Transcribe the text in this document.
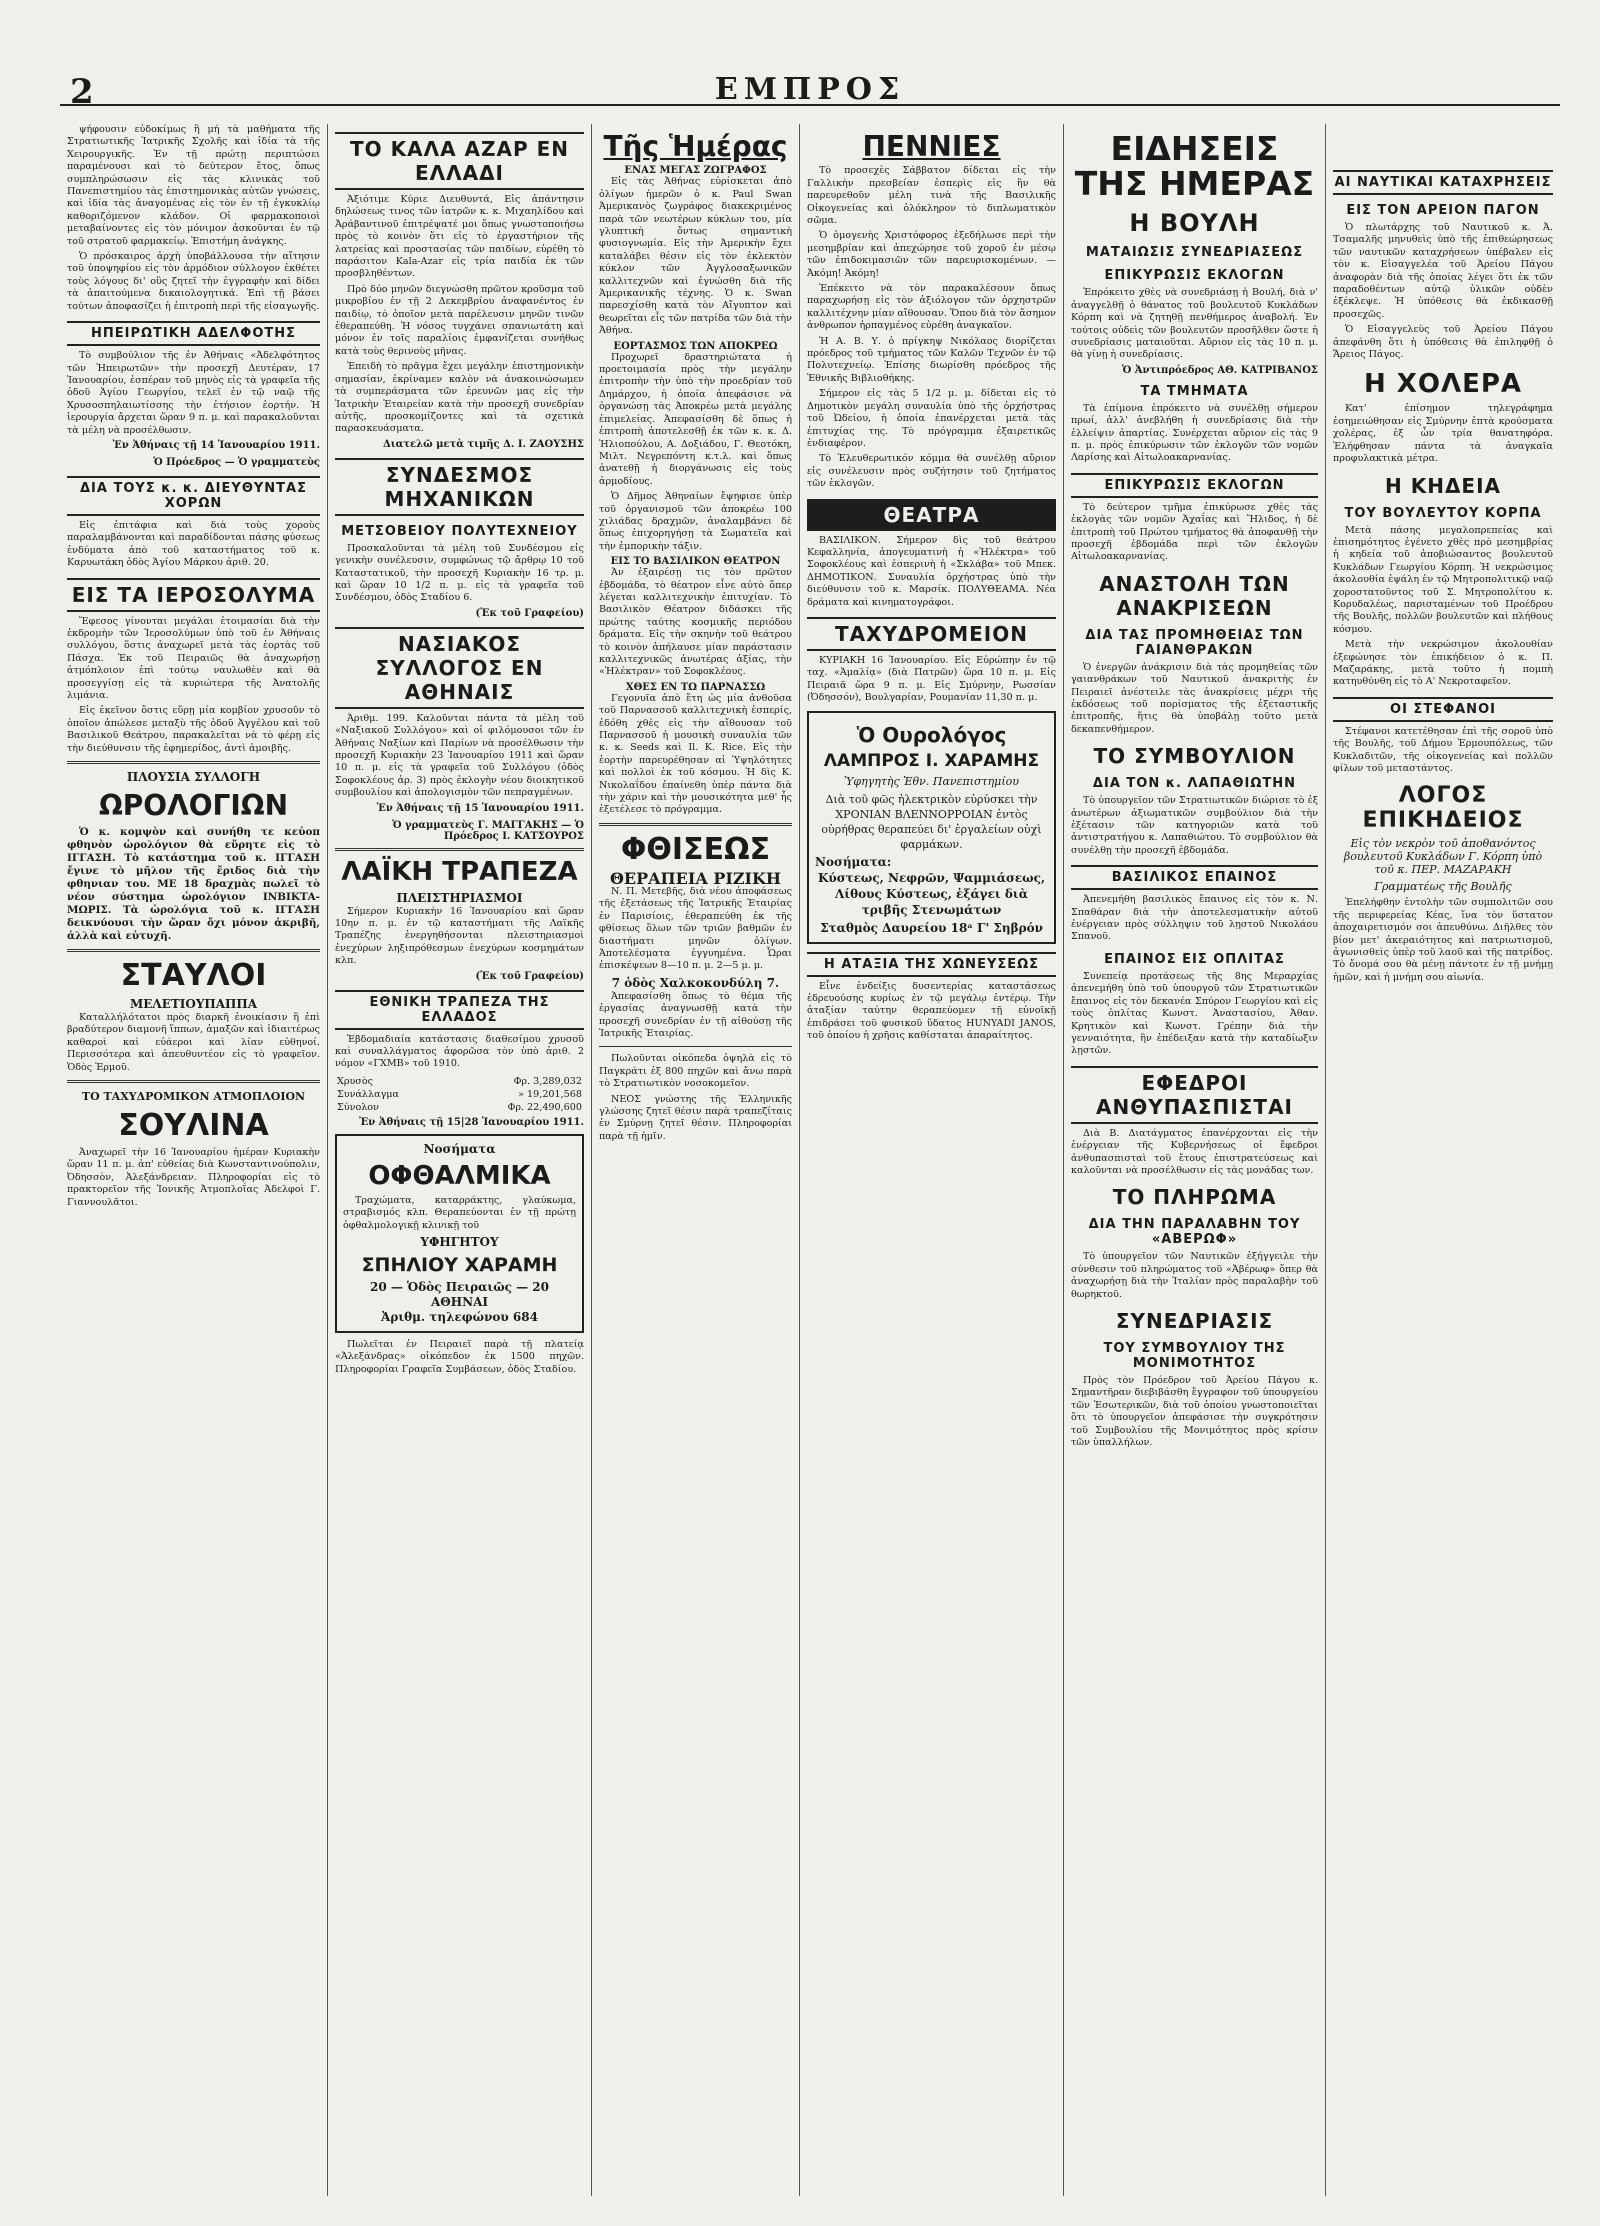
2	ΕΜΠΡΟΣ

ψήφουσιν εὐδοκίμως ἢ μή τὰ μαθήματα τῆς Στρατιωτικῆς Ἰατρικῆς Σχολῆς καὶ ἰδία τὰ τῆς Χειρουργικῆς. Ἐν τῇ πρώτῃ περιπτώσει παραμένουσι καὶ τὸ δεύτερον ἔτος, ὅπως συμπληρώσωσιν εἰς τὰς κλινικὰς τοῦ Πανεπιστημίου τὰς ἐπιστημονικὰς αὐτῶν γνώσεις, καὶ ἰδία τὰς ἀναγομένας εἰς τὸν ἐν τῇ ἐγκυκλίῳ καθοριζόμενον κλάδον. Οἱ φαρμακοποιοὶ μεταβαίνοντες εἰς τὸν μόνιμον ἀσκοῦνται ἐν τῷ τοῦ στρατοῦ φαρμακείῳ. Ἐπιστήμη ἀνάγκης.

Ὁ πρόσκαιρος ἀρχὴ ὑποβάλλουσα τὴν αἴτησιν τοῦ ὑποψηφίου εἰς τὸν ἀρμόδιον σύλλογον ἐκθέτει τοὺς λόγους δι' οὓς ζητεῖ τὴν ἐγγραφὴν καὶ δίδει τὰ ἀπαιτούμενα δικαιολογητικά. Ἐπὶ τῇ βάσει τούτων ἀποφασίζει ἡ ἐπιτροπὴ περὶ τῆς εἰσαγωγῆς.

ΗΠΕΙΡΩΤΙΚΗ ΑΔΕΛΦΟΤΗΣ

Τὸ συμβούλιον τῆς ἐν Ἀθήναις «Ἀδελφότητος τῶν Ἠπειρωτῶν» τὴν προσεχῆ Δευτέραν, 17 Ἰανουαρίου, ἑσπέραν τοῦ μηνὸς εἰς τὰ γραφεῖα τῆς ὁδοῦ Ἀγίου Γεωργίου, τελεῖ ἐν τῷ ναῷ τῆς Χρυσοσπηλαιωτίσσης τὴν ἐτήσιον ἑορτήν. Ἡ ἱερουργία ἄρχεται ὥραν 9 π. μ. καὶ παρακαλοῦνται τὰ μέλη νὰ προσέλθωσιν.

Ἐν Ἀθήναις τῇ 14 Ἰανουαρίου 1911.
Ὁ Πρόεδρος — Ὁ γραμματεὺς
ΔΙΑ ΤΟΥΣ κ. κ. ΔΙΕΥΘΥΝΤΑΣ ΧΟΡΩΝ

Εἰς ἐπιτάφια καὶ διὰ τοὺς χοροὺς παραλαμβάνονται καὶ παραδίδονται πάσης φύσεως ἐνδύματα ἀπὸ τοῦ καταστήματος τοῦ κ. Καρυωτάκη ὁδὸς Ἁγίου Μάρκου ἀριθ. 20.

ΕΙΣ ΤΑ ΙΕΡΟΣΟΛΥΜΑ

Ἔφεσος γίνονται μεγάλαι ἑτοιμασίαι διὰ τὴν ἐκδρομὴν τῶν Ἱεροσολύμων ὑπὸ τοῦ ἐν Ἀθήναις συλλόγου, ὅστις ἀναχωρεῖ μετὰ τὰς ἑορτὰς τοῦ Πάσχα. Ἐκ τοῦ Πειραιῶς θὰ ἀναχωρήσῃ ἀτμόπλοιον ἐπὶ τούτῳ ναυλωθὲν καὶ θὰ προσεγγίσῃ εἰς τὰ κυριώτερα τῆς Ἀνατολῆς λιμάνια.

Εἰς ἐκεῖνον ὅστις εὕρῃ μία κομβίον χρυσοῦν τὸ ὁποῖον ἀπώλεσε μεταξὺ τῆς ὁδοῦ Ἀγγέλου καὶ τοῦ Βασιλικοῦ Θεάτρου, παρακαλεῖται νὰ τὸ φέρῃ εἰς τὴν διεύθυνσιν τῆς ἐφημερίδος, ἀντὶ ἀμοιβῆς.

ΠΛΟΥΣΙΑ ΣΥΛΛΟΓΗ
ΩΡΟΛΟΓΙΩΝ

Ὁ κ. κομψὸν καὶ συνήθη τε κεὐοπ φθηνὸν ὡρολόγιον θὰ εὕρητε εἰς τὸ ΙΓΓΑΣΗ. Τὸ κατάστημα τοῦ κ. ΙΓΓΑΣΗ ἔγινε τὸ μῆλον τῆς ἔριδος διὰ τὴν φθηνιαν του. ΜΕ 18 δραχμὰς πωλεῖ τὸ νέον σύστημα ὡρολόγιον ΙΝΒΙΚΤΑ-ΜΩΡΙΣ. Τὰ ὡρολόγια τοῦ κ. ΙΓΓΑΣΗ δεικνύουσι τὴν ὥραν ὄχι μόνον ἀκριβῆ, ἀλλὰ καὶ εὐτυχῆ.

ΣΤΑΥΛΟΙ
ΜΕΛΕΤΙΟΥΠΑΠΠΑ

Καταλλήλότατοι πρὸς διαρκῆ ἐνοικίασιν ἢ ἐπὶ βραδύτερον διαμονῆ ἵππων, ἁμαξῶν καὶ ἰδιαιτέρως καθαροὶ καὶ εὐάεροι καὶ λίαν εὐθηνοί. Περισσότερα καὶ ἀπευθυντέον εἰς τὸ γραφεῖον. Ὁδὸς Ἑρμοῦ.

ΤΟ ΤΑΧΥΔΡΟΜΙΚΟΝ ΑΤΜΟΠΛΟΙΟΝ
ΣΟΥΛΙΝΑ

Ἀναχωρεῖ τὴν 16 Ἰανουαρίου ἡμέραν Κυριακὴν ὥραν 11 π. μ. ἀπ' εὐθείας διὰ Κωνσταντινούπολιν, Ὀδησσὸν, Ἀλεξάνδρειαν. Πληροφορίαι εἰς τὸ πρακτορεῖον τῆς Ἰονικῆς Ἀτμοπλοΐας Ἀδελφοὶ Γ. Γιαννουλᾶτοι.

ΤΟ ΚΑΛΑ ΑΖΑΡ ΕΝ ΕΛΛΑΔΙ

Ἀξιότιμε Κύριε Διευθυντά, Εἰς ἀπάντησιν δηλώσεως τινος τῶν ἰατρῶν κ. κ. Μιχαηλίδου καὶ Ἀράβαντινοῦ ἐπιτρέψατέ μοι ὅπως γνωστοποιήσω πρὸς τὸ κοινὸν ὅτι εἰς τὸ ἐργαστήριον τῆς λατρείας καὶ προστασίας τῶν παιδίων, εὑρέθη τὸ παράσιτον Kala-Azar εἰς τρία παιδία ἐκ τῶν προσβληθέντων.

Πρὸ δύο μηνῶν διεγνώσθη πρῶτον κροῦσμα τοῦ μικροβίου ἐν τῇ 2 Δεκεμβρίου ἀναφανέντος ἐν παιδίῳ, τὸ ὁποῖον μετὰ παρέλευσιν μηνῶν τινῶν ἐθεραπεύθη. Ἡ νόσος τυγχάνει σπανιωτάτη καὶ μόνον ἐν τοῖς παραλίοις ἐμφανίζεται συνήθως κατὰ τοὺς θερινοὺς μῆνας.

Ἐπειδὴ τὸ πρᾶγμα ἔχει μεγάλην ἐπιστημονικὴν σημασίαν, ἐκρίναμεν καλὸν νὰ ἀνακοινώσωμεν τὰ συμπεράσματα τῶν ἐρευνῶν μας εἰς τὴν Ἰατρικὴν Ἑταιρείαν κατὰ τὴν προσεχῆ συνεδρίαν αὐτῆς, προσκομίζοντες καὶ τὰ σχετικὰ παρασκευάσματα.

Διατελῶ μετὰ τιμῆς Δ. Ι. ΖΑΟΥΣΗΣ
ΣΥΝΔΕΣΜΟΣ ΜΗΧΑΝΙΚΩΝ
ΜΕΤΣΟΒΕΙΟΥ ΠΟΛΥΤΕΧΝΕΙΟΥ

Προσκαλοῦνται τὰ μέλη τοῦ Συνδέσμου εἰς γενικὴν συνέλευσιν, συμφώνως τῷ ἄρθρῳ 10 τοῦ Καταστατικοῦ, τὴν προσεχῆ Κυριακὴν 16 τρ. μ. καὶ ὥραν 10 1/2 π. μ. εἰς τὰ γραφεῖα τοῦ Συνδέσμου, ὁδὸς Σταδίου 6.

(Ἐκ τοῦ Γραφείου)
ΝΑΣΙΑΚΟΣ ΣΥΛΛΟΓΟΣ ΕΝ ΑΘΗΝΑΙΣ

Ἀριθμ. 199. Καλοῦνται πάντα τὰ μέλη τοῦ «Ναξιακοῦ Συλλόγου» καὶ οἱ φιλόμουσοι τῶν ἐν Ἀθήναις Ναξίων καὶ Παρίων νὰ προσέλθωσιν τὴν προσεχῆ Κυριακὴν 23 Ἰανουαρίου 1911 καὶ ὥραν 10 π. μ. εἰς τὰ γραφεῖα τοῦ Συλλόγου (ὁδὸς Σοφοκλέους ἀρ. 3) πρὸς ἐκλογὴν νέου διοικητικοῦ συμβουλίου καὶ ἀπολογισμὸν τῶν πεπραγμένων.

Ἐν Ἀθήναις τῇ 15 Ἰανουαρίου 1911.
Ὁ γραμματεὺς Γ. ΜΑΓΓΑΚΗΣ — Ὁ Πρόεδρος Ι. ΚΑΤΣΟΥΡΟΣ
ΛΑΪΚΗ ΤΡΑΠΕΖΑ
ΠΛΕΙΣΤΗΡΙΑΣΜΟΙ

Σήμερον Κυριακὴν 16 Ἰανουαρίου καὶ ὥραν 10ην π. μ. ἐν τῷ καταστήματι τῆς Λαϊκῆς Τραπέζης ἐνεργηθήσονται πλειστηριασμοὶ ἐνεχύρων ληξιπρόθεσμων ἐνεχύρων κοσμημάτων κλπ.

(Ἐκ τοῦ Γραφείου)
ΕΘΝΙΚΗ ΤΡΑΠΕΖΑ ΤΗΣ ΕΛΛΑΔΟΣ

Ἑβδομαδιαία κατάστασις διαθεσίμου χρυσοῦ καὶ συναλλάγματος ἀφορῶσα τὸν ὑπὸ ἀριθ. 2 νόμον «ΓΧΜΒ» τοῦ 1910.

Χρυσὸς	Φρ. 3,289,032
Συνάλλαγμα	» 19,201,568
Σύνολον	Φρ. 22,490,600
Ἐν Ἀθήναις τῇ 15|28 Ἰανουαρίου 1911.
Νοσήματα
ΟΦΘΑΛΜΙΚΑ

Τραχώματα, καταρράκτης, γλαύκωμα, στραβισμός κλπ. Θεραπεύονται ἐν τῇ πρώτῃ ὀφθαλμολογικῇ κλινικῇ τοῦ

ΥΦΗΓΗΤΟΥ
ΣΠΗΛΙΟΥ ΧΑΡΑΜΗ
20 — Ὁδὸς Πειραιῶς — 20
ΑΘΗΝΑΙ
Ἀριθμ. τηλεφώνου 684

Πωλεῖται ἐν Πειραιεῖ παρὰ τῇ πλατείᾳ «Ἀλεξάνδρας» οἰκόπεδον ἐκ 1500 πηχῶν. Πληροφορίαι Γραφεῖα Συμβάσεων, ὁδὸς Σταδίου.

Τῆς Ἡμέρας
ΕΝΑΣ ΜΕΓΑΣ ΖΩΓΡΑΦΟΣ

Εἰς τὰς Ἀθήνας εὑρίσκεται ἀπὸ ὀλίγων ἡμερῶν ὁ κ. Paul Swan Ἀμερικανὸς ζωγράφος διακεκριμένος παρὰ τῶν νεωτέρων κύκλων του, μία γλυπτικὴ ὄντως σημαντικὴ φυσιογνωμία. Εἰς τὴν Ἀμερικὴν ἔχει καταλάβει θέσιν εἰς τὸν ἐκλεκτὸν κύκλον τῶν Ἀγγλοσαξωνικῶν καλλιτεχνῶν καὶ ἐγνώσθη διὰ τῆς Ἀμερικανικῆς τέχνης. Ὁ κ. Swan παρεσχίσθη κατὰ τὸν Αἴγυπτον καὶ θεωρεῖται εἷς τῶν πατρίδα τῶν διὰ τὴν Ἀθήνα.

ΕΟΡΤΑΣΜΟΣ ΤΩΝ ΑΠΟΚΡΕΩ

Προχωρεῖ δραστηριώτατα ἡ προετοιμασία πρὸς τὴν μεγάλην ἐπιτροπὴν τὴν ὑπὸ τὴν προεδρίαν τοῦ Δημάρχου, ἡ ὁποία ἀπεφάσισε νὰ ὀργανώσῃ τὰς Ἀποκρέω μετὰ μεγάλης ἐπιμελείας. Ἀπεφασίσθη δὲ ὅπως ἡ ἐπιτροπὴ ἀποτελεσθῇ ἐκ τῶν κ. κ. Δ. Ἠλιοπούλου, Α. Δοξιάδου, Γ. Θεοτόκη, Μιλτ. Νεγρεπόντη κ.τ.λ. καὶ ὅπως ἀνατεθῇ ἡ διοργάνωσις εἰς τοὺς ἁρμοδίους.

Ὁ Δῆμος Ἀθηναίων ἔψηφισε ὑπὲρ τοῦ ὀργανισμοῦ τῶν ἀποκρέω 100 χιλιάδας δραχμῶν, ἀναλαμβάνει δὲ ὅπως ἐπιχορηγήσῃ τὰ Σωματεῖα καὶ τὴν ἐμπορικὴν τάξιν.

ΕΙΣ ΤΟ ΒΑΣΙΛΙΚΟΝ ΘΕΑΤΡΟΝ

Ἀν ἐξαιρέσῃ τις τὸν πρῶτον ἐβδομάδα, τὸ θέατρον εἶνε αὐτὸ ὅπερ λέγεται καλλιτεχνικὴν ἐπιτυχίαν. Τὸ Βασιλικὸν Θέατρον διδάσκει τῆς πρώτης ταύτης κοσμικῆς περιόδου δράματα. Εἰς τὴν σκηνὴν τοῦ θεάτρου τὸ κοινὸν ἀπήλαυσε μίαν παράστασιν καλλιτεχνικῶς ἀνωτέρας ἀξίας, τὴν «Ἡλέκτραν» τοῦ Σοφοκλέους.

ΧΘΕΣ ΕΝ ΤΩ ΠΑΡΝΑΣΣΩ

Γεγονυῖα ἀπὸ ἔτη ὡς μία ἀνθοῦσα τοῦ Παρνασσοῦ καλλιτεχνικὴ ἑσπερίς, ἐδόθη χθὲς εἰς τὴν αἴθουσαν τοῦ Παρνασσοῦ ἡ μουσικὴ συναυλία τῶν κ. κ. Seeds καὶ Il. K. Rice. Εἰς τὴν ἑορτὴν παρευρέθησαν αἱ Ὑψηλότητες καὶ πολλοὶ ἐκ τοῦ κόσμου. Ἡ δὶς Κ. Νικολαΐδου ἐπαίνεθη ὑπὲρ πάντα διὰ τὴν χάριν καὶ τὴν μουσικότητα μεθ' ἧς ἐξετέλεσε τὸ πρόγραμμα.

ΦΘΙΣΕΩΣ
ΘΕΡΑΠΕΙΑ ΡΙΖΙΚΗ

Ν. Π. Μετεβῆς, διὰ νέου ἀποφάσεως τῆς ἐξετάσεως τῆς Ἰατρικῆς Ἑταιρίας ἐν Παρισίοις, ἐθεραπεύθη ἐκ τῆς φθίσεως ὅλων τῶν τριῶν βαθμῶν ἐν διαστήματι μηνῶν ὀλίγων. Ἀποτελέσματα ἐγγυημένα. Ὧραι ἐπισκέψεων 8—10 π. μ. 2—5 μ. μ.

7 ὁδὸς Χαλκοκονδύλη 7.

Ἀπεφασίσθη ὅπως τὸ θέμα τῆς ἐργασίας ἀναγνωσθῇ κατὰ τὴν προσεχῆ συνεδρίαν ἐν τῇ αἰθούσῃ τῆς Ἰατρικῆς Ἑταιρίας.

Πωλοῦνται οἰκόπεδα ὀψηλὰ εἰς τὸ Παγκράτι ἐξ 800 πηχῶν καὶ ἄνω παρὰ τὸ Στρατιωτικὸν νοσοκομεῖον.

ΝΕΟΣ γνώστης τῆς Ἑλληνικῆς γλώσσης ζητεῖ θέσιν παρὰ τραπεζίταις ἐν Σμύρνῃ ζητεῖ θέσιν. Πληροφορίαι παρὰ τῇ ἡμῖν.

ΠΕΝΝΙΕΣ

Τὸ προσεχὲς Σάββατον δίδεται εἰς τὴν Γαλλικὴν πρεσβείαν ἑσπερὶς εἰς ἣν θὰ παρευρεθοῦν μέλη τινὰ τῆς Βασιλικῆς Οἰκογενείας καὶ ὁλόκληρον τὸ διπλωματικὸν σῶμα.

Ὁ ὁμογενὴς Χριστόφορος ἐξεδήλωσε περὶ τὴν μεσημβρίαν καὶ ἀπεχώρησε τοῦ χοροῦ ἐν μέσῳ τῶν ἐπιδοκιμασιῶν τῶν παρευρισκομένων. — Ἀκόμη! Ἀκόμη!

Ἐπέκειτο νὰ τὸν παρακαλέσουν ὅπως παραχωρήσῃ εἰς τὸν ἀξιόλογον τῶν ὀρχηστρῶν καλλιτέχνην μίαν αἴθουσαν. Ὅπου διὰ τὸν ἄσημον ἀνθρωπον ἠρπαγμένος εὐρέθη ἀναγκαῖον.

Ἡ Α. Β. Υ. ὁ πρίγκηψ Νικόλαος διορίζεται πρόεδρος τοῦ τμήματος τῶν Καλῶν Τεχνῶν ἐν τῷ Πολυτεχνείῳ. Ἐπίσης διωρίσθη πρόεδρος τῆς Ἐθνικῆς Βιβλιοθήκης.

Σήμερον εἰς τὰς 5 1/2 μ. μ. δίδεται εἰς τὸ Δημοτικὸν μεγάλη συναυλία ὑπὸ τῆς ὀρχήστρας τοῦ Ὠδείου, ἡ ὁποία ἐπανέρχεται μετὰ τὰς ἐπιτυχίας της. Τὸ πρόγραμμα ἐξαιρετικῶς ἐνδιαφέρον.

Τὸ Ἐλευθερωτικόν κόμμα θὰ συνέλθῃ αὔριον εἰς συνέλευσιν πρὸς συζήτησιν τοῦ ζητήματος τῶν ἐκλογῶν.

ΘΕΑΤΡΑ

ΒΑΣΙΛΙΚΟΝ. Σήμερον δὶς τοῦ θεάτρου Κεφαλληνία, ἀπογευματινὴ ἡ «Ἡλέκτρα» τοῦ Σοφοκλέους καὶ ἑσπερινὴ ἡ «Σκλάβα» τοῦ Μπεκ. ΔΗΜΟΤΙΚΟΝ. Συναυλία ὀρχήστρας ὑπὸ τὴν διεύθυνσιν τοῦ κ. Μαρσίκ. ΠΟΛΥΘΕΑΜΑ. Νέα δράματα καὶ κινηματογράφοι.

ΤΑΧΥΔΡΟΜΕΙΟΝ

ΚΥΡΙΑΚΗ 16 Ἰανουαρίου. Εἰς Εὐρώπην ἐν τῷ ταχ. «Ἀμαλίᾳ» (διὰ Πατρῶν) ὥρα 10 π. μ. Εἰς Πειραιᾶ ὥρα 9 π. μ. Εἰς Σμύρνην, Ρωσσίαν (Ὀδησσόν), Βουλγαρίαν, Ρουμανίαν 11,30 π. μ.

Ὁ Ουρολόγος
ΛΑΜΠΡΟΣ Ι. ΧΑΡΑΜΗΣ
Ὑφηγητὴς Ἐθν. Πανεπιστημίου

Διὰ τοῦ φῶς ἠλεκτρικὸν εὐρύσκει τὴν ΧΡΟΝΙΑΝ ΒΛΕΝΝΟΡΡΟΙΑΝ ἐντὸς οὐρήθρας θεραπεύει δι' ἐργαλείων οὐχὶ φαρμάκων.

Νοσήματα:

Κύστεως, Νεφρῶν, Ψαμμιάσεως, Λίθους Κύστεως, ἐξάγει διὰ τριβῆς Στενωμάτων

Σταθμὸς Δαυρείου 18ᵃ Γ' Σηβρόν
Η ΑΤΑΞΙΑ ΤΗΣ ΧΩΝΕΥΣΕΩΣ

Εἶνε ἐνδείξις δυσεντερίας καταστάσεως ἐδρευούσης κυρίως ἐν τῷ μεγάλῳ ἐντέρῳ. Τὴν ἀταξίαν ταύτην θεραπεύομεν τῇ εὐνοϊκῇ ἐπιδράσει τοῦ φυσικοῦ ὕδατος HUNYADI JANOS, τοῦ ὁποίου ἡ χρῆσις καθίσταται ἀπαραίτητος.

ΕΙΔΗΣΕΙΣ ΤΗΣ ΗΜΕΡΑΣ
Η ΒΟΥΛΗ
ΜΑΤΑΙΩΣΙΣ ΣΥΝΕΔΡΙΑΣΕΩΣ
ΕΠΙΚΥΡΩΣΙΣ ΕΚΛΟΓΩΝ

Ἐπρόκειτο χθὲς νὰ συνεδριάσῃ ἡ Βουλή, διὰ ν' ἀναγγελθῇ ὁ θάνατος τοῦ βουλευτοῦ Κυκλάδων Κόρπη καὶ νὰ ζητηθῇ πενθήμερος ἀναβολή. Ἐν τούτοις οὐδεὶς τῶν βουλευτῶν προσῆλθεν ὥστε ἡ συνεδρίασις ματαιοῦται. Αὔριον εἰς τὰς 10 π. μ. θὰ γίνῃ ἡ συνεδρίασις.

Ὁ Ἀντιπρόεδρος ΑΘ. ΚΑΤΡΙΒΑΝΟΣ
ΤΑ ΤΜΗΜΑΤΑ

Τὰ ἐπίμονα ἐπρόκειτο νὰ συνέλθῃ σήμερον πρωί, ἀλλ' ἀνεβλήθη ἡ συνεδρίασις διὰ τὴν ἐλλείψιν ἀπαρτίας. Συνέρχεται αὔριον εἰς τὰς 9 π. μ. πρὸς ἐπικύρωσιν τῶν ἐκλογῶν τῶν νομῶν Λαρίσης καὶ Αἰτωλοακαρνανίας.

ΕΠΙΚΥΡΩΣΙΣ ΕΚΛΟΓΩΝ

Τὸ δεύτερον τμῆμα ἐπικύρωσε χθὲς τὰς ἐκλογὰς τῶν νομῶν Ἀχαΐας καὶ Ἤλιδος, ἡ δὲ ἐπιτροπὴ τοῦ Πρώτου τμήματος θὰ ἀποφανθῇ τὴν προσεχῆ ἑβδομάδα περὶ τῶν ἐκλογῶν Αἰτωλοακαρνανίας.

ΑΝΑΣΤΟΛΗ ΤΩΝ ΑΝΑΚΡΙΣΕΩΝ
ΔΙΑ ΤΑΣ ΠΡΟΜΗΘΕΙΑΣ ΤΩΝ ΓΑΙΑΝΘΡΑΚΩΝ

Ὁ ἐνεργῶν ἀνάκρισιν διὰ τὰς προμηθείας τῶν γαιανθράκων τοῦ Ναυτικοῦ ἀνακριτὴς ἐν Πειραιεῖ ἀνέστειλε τὰς ἀνακρίσεις μέχρι τῆς ἐκδόσεως τοῦ πορίσματος τῆς ἐξεταστικῆς ἐπιτροπῆς, ἥτις θὰ ὑποβάλῃ τοῦτο μετὰ δεκαπενθήμερον.

ΤΟ ΣΥΜΒΟΥΛΙΟΝ
ΔΙΑ ΤΟΝ κ. ΛΑΠΑΘΙΩΤΗΝ

Τὸ ὑπουργεῖον τῶν Στρατιωτικῶν διώρισε τὸ ἐξ ἀνωτέρων ἀξιωματικῶν συμβούλιον διὰ τὴν ἐξέτασιν τῶν κατηγοριῶν κατὰ τοῦ ἀντιστρατήγου κ. Λαπαθιώτου. Τὸ συμβούλιον θὰ συνέλθῃ τὴν προσεχῆ ἑβδομάδα.

ΒΑΣΙΛΙΚΟΣ ΕΠΑΙΝΟΣ

Ἀπενεμήθη βασιλικὸς ἔπαινος εἰς τὸν κ. Ν. Σπαθάραν διὰ τὴν ἀποτελεσματικὴν αὐτοῦ ἐνέργειαν πρὸς σύλληψιν τοῦ λῃστοῦ Νικολάου Σπανοῦ.

ΕΠΑΙΝΟΣ ΕΙΣ ΟΠΛΙΤΑΣ

Συνεπείᾳ προτάσεως τῆς 8ης Μεραρχίας ἀπενεμήθη ὑπὸ τοῦ ὑπουργοῦ τῶν Στρατιωτικῶν ἔπαινος εἰς τὸν δεκανέα Σπύρον Γεωργίου καὶ εἰς τοὺς ὁπλίτας Κωνστ. Ἀναστασίου, Ἀθαν. Κρητικὸν καὶ Κωνστ. Γρέπην διὰ τὴν γενναιότητα, ἣν ἐπέδειξαν κατὰ τὴν καταδίωξιν λῃστῶν.

ΕΦΕΔΡΟΙ ΑΝΘΥΠΑΣΠΙΣΤΑΙ

Διὰ Β. Διατάγματος ἐπανέρχονται εἰς τὴν ἐνέργειαν τῆς Κυβερνήσεως οἱ ἔφεδροι ἀνθυπασπισταὶ τοῦ ἔτους ἐπιστρατεύσεως καὶ καλοῦνται νὰ προσέλθωσιν εἰς τὰς μονάδας των.

ΤΟ ΠΛΗΡΩΜΑ
ΔΙΑ ΤΗΝ ΠΑΡΑΛΑΒΗΝ ΤΟΥ «ΑΒΕΡΩΦ»

Τὸ ὑπουργεῖον τῶν Ναυτικῶν ἐξήγγειλε τὴν σύνθεσιν τοῦ πληρώματος τοῦ «Ἀβέρωφ» ὅπερ θὰ ἀναχωρήσῃ διὰ τὴν Ἰταλίαν πρὸς παραλαβὴν τοῦ θωρηκτοῦ.

ΣΥΝΕΔΡΙΑΣΙΣ
ΤΟΥ ΣΥΜΒΟΥΛΙΟΥ ΤΗΣ ΜΟΝΙΜΟΤΗΤΟΣ

Πρὸς τὸν Πρόεδρον τοῦ Ἀρείου Πάγου κ. Σημαντῆραν διεβιβάσθη ἔγγραφον τοῦ ὑπουργείου τῶν Ἐσωτερικῶν, διὰ τοῦ ὁποίου γνωστοποιεῖται ὅτι τὸ ὑπουργεῖον ἀπεφάσισε τὴν συγκρότησιν τοῦ Συμβουλίου τῆς Μονιμότητος πρὸς κρίσιν τῶν ὑπαλλήλων.

ΑΙ ΝΑΥΤΙΚΑΙ ΚΑΤΑΧΡΗΣΕΙΣ
ΕΙΣ ΤΟΝ ΑΡΕΙΟΝ ΠΑΓΟΝ

Ὁ πλωτάρχης τοῦ Ναυτικοῦ κ. Ἀ. Τσαμαλῆς μηνυθεὶς ὑπὸ τῆς ἐπιθεώρησεως τῶν ναυτικῶν καταχρήσεων ὑπέβαλεν εἰς τὸν κ. Εἰσαγγελέα τοῦ Ἀρείου Πάγου ἀναφορὰν διὰ τῆς ὁποίας λέγει ὅτι ἐκ τῶν παραδοθέντων αὐτῷ ὑλικῶν οὐδὲν ἐξέκλεψε. Ἡ ὑπόθεσις θὰ ἐκδικασθῇ προσεχῶς.

Ὁ Εἰσαγγελεὺς τοῦ Ἀρείου Πάγου ἀπεφάνθη ὅτι ἡ ὑπόθεσις θὰ ἐπιληφθῇ ὁ Ἄρειος Πάγος.

Η ΧΟΛΕΡΑ

Κατ' ἐπίσημον τηλεγράφημα ἐσημειώθησαν εἰς Σμύρνην ἐπτὰ κρούσματα χολέρας, ἐξ ὧν τρία θανατηφόρα. Ἐλήφθησαν πάντα τὰ ἀναγκαῖα προφυλακτικὰ μέτρα.

Η ΚΗΔΕΙΑ
ΤΟΥ ΒΟΥΛΕΥΤΟΥ ΚΟΡΠΑ

Μετὰ πάσης μεγαλοπρεπείας καὶ ἐπισημότητος ἐγένετο χθὲς πρὸ μεσημβρίας ἡ κηδεία τοῦ ἀποβιώσαντος βουλευτοῦ Κυκλάδων Γεωργίου Κόρπη. Ἡ νεκρώσιμος ἀκολουθία ἐψάλη ἐν τῷ Μητροπολιτικῷ ναῷ χοροστατοῦντος τοῦ Σ. Μητροπολίτου κ. Κορυδαλέως, παρισταμένων τοῦ Προέδρου τῆς Βουλῆς, πολλῶν βουλευτῶν καὶ πλήθους κόσμου.

Μετὰ τὴν νεκρώσιμον ἀκολουθίαν ἐξεφώνησε τὸν ἐπικήδειον ὁ κ. Π. Μαζαράκης, μετὰ τοῦτο ἡ πομπὴ κατηυθύνθη εἰς τὸ Α' Νεκροταφεῖον.

ΟΙ ΣΤΕΦΑΝΟΙ

Στέφανοι κατετέθησαν ἐπὶ τῆς σοροῦ ὑπὸ τῆς Βουλῆς, τοῦ Δήμου Ἑρμουπόλεως, τῶν Κυκλαδιτῶν, τῆς οἰκογενείας καὶ πολλῶν φίλων τοῦ μεταστάντος.

ΛΟΓΟΣ ΕΠΙΚΗΔΕΙΟΣ
Εἰς τὸν νεκρὸν τοῦ ἀποθανόντος βουλευτοῦ Κυκλάδων Γ. Κόρπη ὑπὸ τοῦ κ. ΠΕΡ. ΜΑΖΑΡΑΚΗ
Γραμματέως τῆς Βουλῆς

Ἐπελήφθην ἐντολὴν τῶν συμπολιτῶν σου τῆς περιφερείας Κέας, ἵνα τὸν ὕστατον ἀποχαιρετισμόν σοι ἀπευθύνω. Διῆλθες τὸν βίον μετ' ἀκεραιότητος καὶ πατριωτισμοῦ, ἀγωνισθεὶς ὑπὲρ τοῦ λαοῦ καὶ τῆς πατρίδος. Τὸ ὄνομά σου θὰ μένῃ πάντοτε ἐν τῇ μνήμῃ ἡμῶν, καὶ ἡ μνήμη σου αἰωνία.
